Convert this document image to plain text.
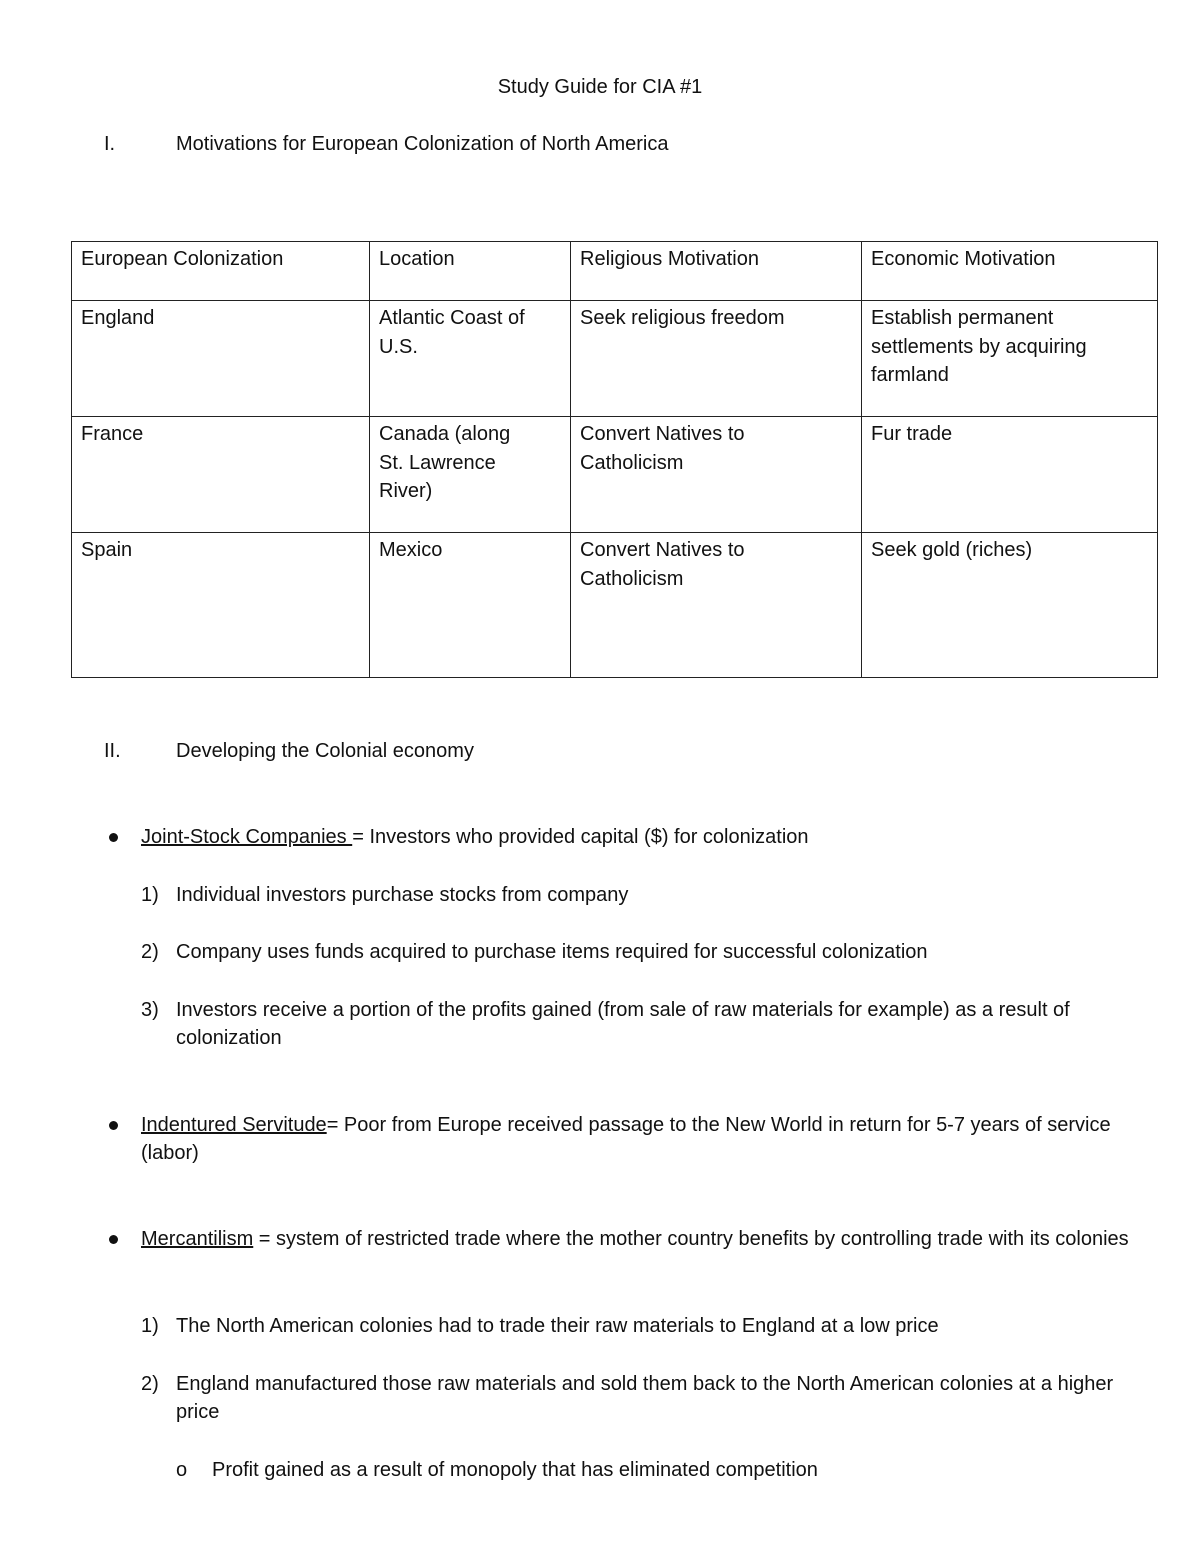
Study Guide for CIA #1
I.	Motivations for European Colonization of North America
European Colonization	Location	Religious Motivation	Economic Motivation
England	Atlantic Coast of U.S.	Seek religious freedom	Establish permanent settlements by acquiring farmland
France	Canada (along St. Lawrence River)	Convert Natives to Catholicism	Fur trade
Spain	Mexico	Convert Natives to Catholicism	Seek gold (riches)
II.	Developing the Colonial economy
Joint-Stock Companies = Investors who provided capital ($) for colonization
1) Individual investors purchase stocks from company
2) Company uses funds acquired to purchase items required for successful colonization
3) Investors receive a portion of the profits gained (from sale of raw materials for example) as a result of colonization
Indentured Servitude= Poor from Europe received passage to the New World in return for 5-7 years of service (labor)
Mercantilism = system of restricted trade where the mother country benefits by controlling trade with its colonies
1) The North American colonies had to trade their raw materials to England at a low price
2) England manufactured those raw materials and sold them back to the North American colonies at a higher price
o Profit gained as a result of monopoly that has eliminated competition
